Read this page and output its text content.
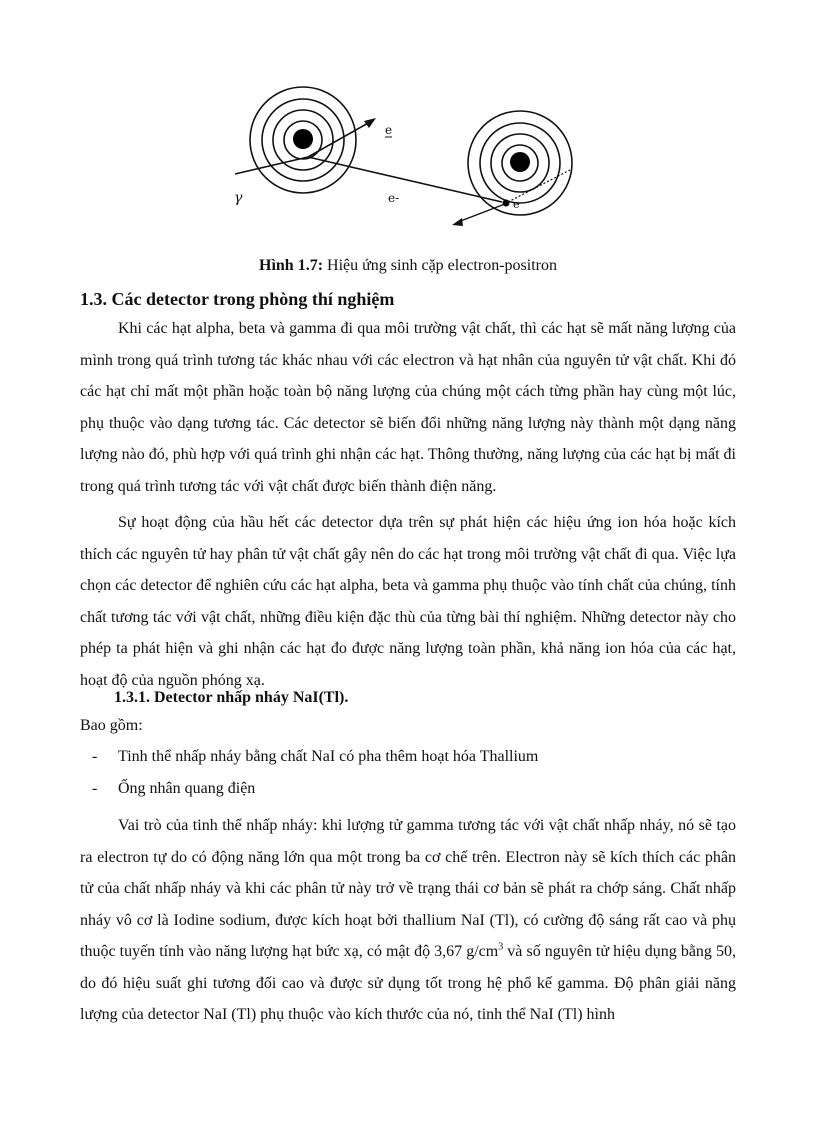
γ	e-
e
e
Hình 1.7: Hiệu ứng sinh cặp electron-positron
1.3. Các detector trong phòng thí nghiệm

Khi các hạt alpha, beta và gamma đi qua môi trường vật chất, thì các hạt sẽ mất năng lượng của mình trong quá trình tương tác khác nhau với các electron và hạt nhân của nguyên tử vật chất. Khi đó các hạt chỉ mất một phần hoặc toàn bộ năng lượng của chúng một cách từng phần hay cùng một lúc, phụ thuộc vào dạng tương tác. Các detector sẽ biến đổi những năng lượng này thành một dạng năng lượng nào đó, phù hợp với quá trình ghi nhận các hạt. Thông thường, năng lượng của các hạt bị mất đi trong quá trình tương tác với vật chất được biến thành điện năng.

Sự hoạt động của hầu hết các detector dựa trên sự phát hiện các hiệu ứng ion hóa hoặc kích thích các nguyên tử hay phân tử vật chất gây nên do các hạt trong môi trường vật chất đi qua. Việc lựa chọn các detector để nghiên cứu các hạt alpha, beta và gamma phụ thuộc vào tính chất của chúng, tính chất tương tác với vật chất, những điều kiện đặc thù của từng bài thí nghiệm. Những detector này cho phép ta phát hiện và ghi nhận các hạt đo được năng lượng toàn phần, khả năng ion hóa của các hạt, hoạt độ của nguồn phóng xạ.

1.3.1. Detector nhấp nháy NaI(Tl).
Bao gồm:
- Tinh thể nhấp nháy bằng chất NaI có pha thêm hoạt hóa Thallium
- Ống nhân quang điện

Vai trò của tinh thể nhấp nháy: khi lượng tử gamma tương tác với vật chất nhấp nháy, nó sẽ tạo ra electron tự do có động năng lớn qua một trong ba cơ chế trên. Electron này sẽ kích thích các phân tử của chất nhấp nháy và khi các phân tử này trở về trạng thái cơ bản sẽ phát ra chớp sáng. Chất nhấp nháy vô cơ là Iodine sodium, được kích hoạt bởi thallium NaI (Tl), có cường độ sáng rất cao và phụ thuộc tuyến tính vào năng lượng hạt bức xạ, có mật độ 3,67 $g/cm^3$ và số nguyên tử hiệu dụng bằng 50, do đó hiệu suất ghi tương đối cao và được sử dụng tốt trong hệ phổ kế gamma. Độ phân giải năng lượng của detector NaI (Tl) phụ thuộc vào kích thước của nó, tinh thể NaI (Tl) hình
